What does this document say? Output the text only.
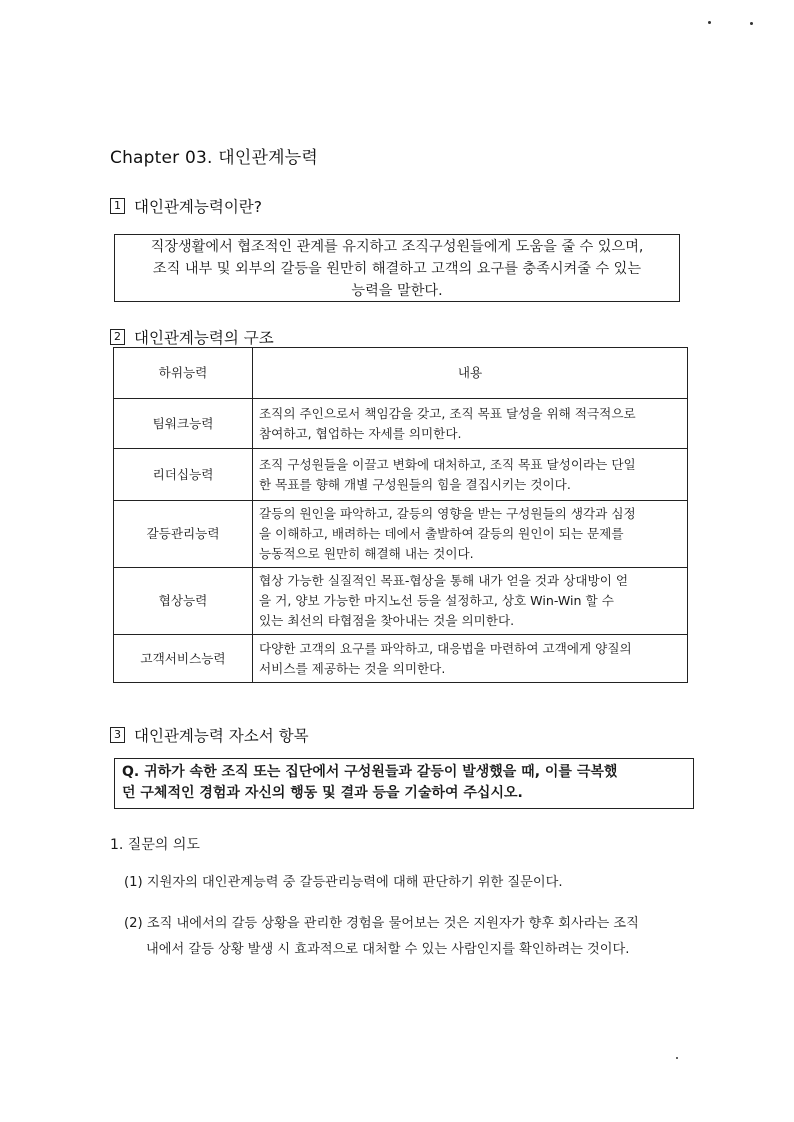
Chapter 03. 대인관계능력
1 대인관계능력이란?
직장생활에서 협조적인 관계를 유지하고 조직구성원들에게 도움을 줄 수 있으며,
조직 내부 및 외부의 갈등을 원만히 해결하고 고객의 요구를 충족시켜줄 수 있는
능력을 말한다.
2 대인관계능력의 구조
하위능력	내용
팀워크능력	조직의 주인으로서 책임감을 갖고, 조직 목표 달성을 위해 적극적으로
참여하고, 협업하는 자세를 의미한다.

리더십능력	조직 구성원들을 이끌고 변화에 대처하고, 조직 목표 달성이라는 단일
한 목표를 향해 개별 구성원들의 힘을 결집시키는 것이다.

갈등관리능력	갈등의 원인을 파악하고, 갈등의 영향을 받는 구성원들의 생각과 심정
을 이해하고, 배려하는 데에서 출발하여 갈등의 원인이 되는 문제를
능동적으로 원만히 해결해 내는 것이다.

협상능력	협상 가능한 실질적인 목표-협상을 통해 내가 얻을 것과 상대방이 얻
을 거, 양보 가능한 마지노선 등을 설정하고, 상호 Win-Win 할 수
있는 최선의 타협점을 찾아내는 것을 의미한다.

고객서비스능력	다양한 고객의 요구를 파악하고, 대응법을 마련하여 고객에게 양질의
서비스를 제공하는 것을 의미한다.
3 대인관계능력 자소서 항목
Q. 귀하가 속한 조직 또는 집단에서 구성원들과 갈등이 발생했을 때, 이를 극복했
던 구체적인 경험과 자신의 행동 및 결과 등을 기술하여 주십시오.
1. 질문의 의도
(1) 지원자의 대인관계능력 중 갈등관리능력에 대해 판단하기 위한 질문이다.
(2) 조직 내에서의 갈등 상황을 관리한 경험을 물어보는 것은 지원자가 향후 회사라는 조직
내에서 갈등 상황 발생 시 효과적으로 대처할 수 있는 사람인지를 확인하려는 것이다.
